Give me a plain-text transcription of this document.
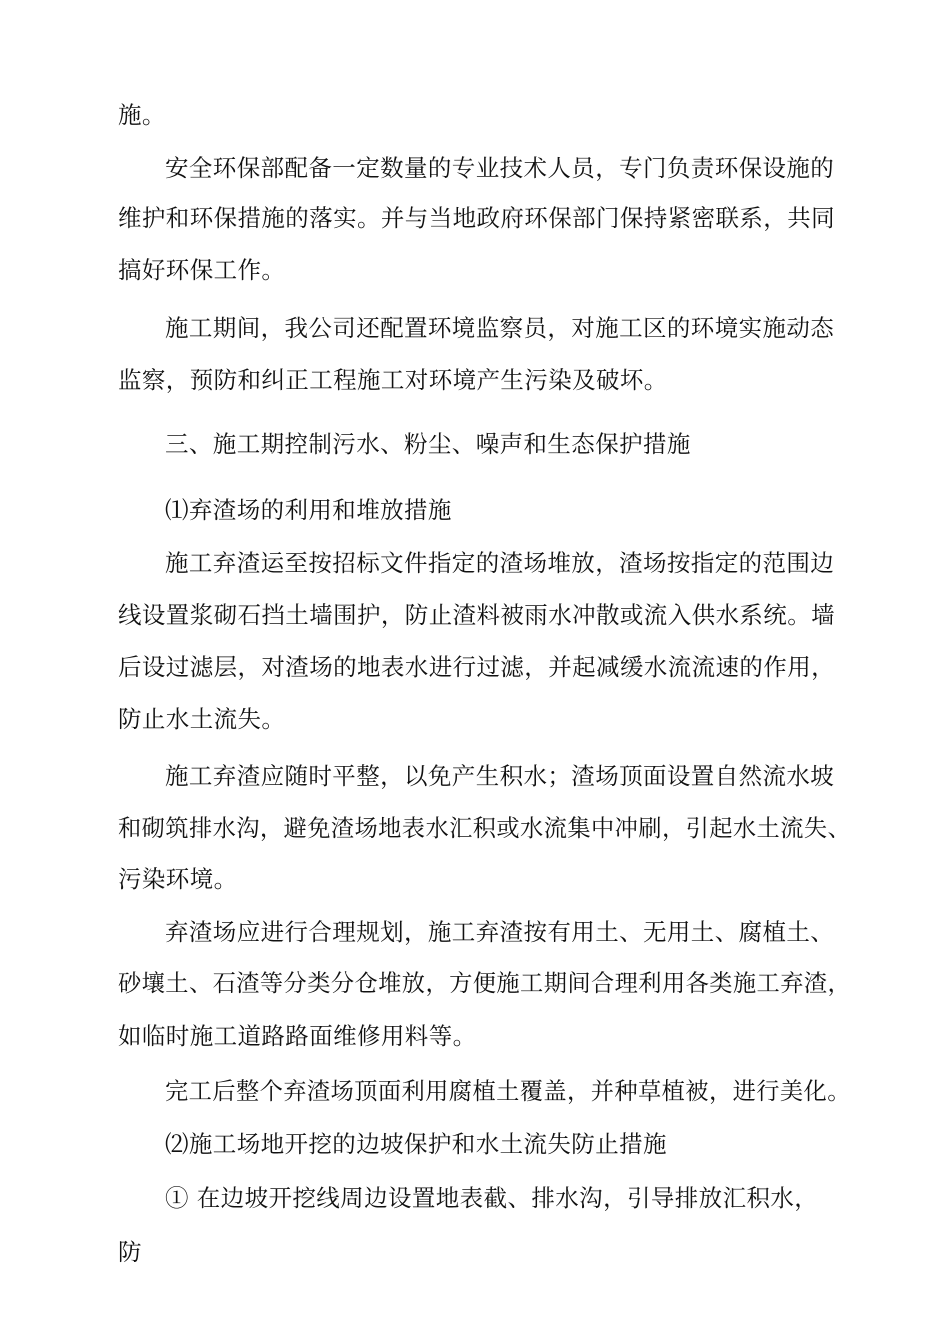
施。
安全环保部配备一定数量的专业技术人员，专门负责环保设施的
维护和环保措施的落实。并与当地政府环保部门保持紧密联系，共同
搞好环保工作。
施工期间，我公司还配置环境监察员，对施工区的环境实施动态
监察，预防和纠正工程施工对环境产生污染及破坏。
三、施工期控制污水、粉尘、噪声和生态保护措施
⑴弃渣场的利用和堆放措施
施工弃渣运至按招标文件指定的渣场堆放，渣场按指定的范围边
线设置浆砌石挡土墙围护，防止渣料被雨水冲散或流入供水系统。墙
后设过滤层，对渣场的地表水进行过滤，并起减缓水流流速的作用，
防止水土流失。
施工弃渣应随时平整，以免产生积水；渣场顶面设置自然流水坡
和砌筑排水沟，避免渣场地表水汇积或水流集中冲刷，引起水土流失、
污染环境。
弃渣场应进行合理规划，施工弃渣按有用土、无用土、腐植土、
砂壤土、石渣等分类分仓堆放，方便施工期间合理利用各类施工弃渣，
如临时施工道路路面维修用料等。
完工后整个弃渣场顶面利用腐植土覆盖，并种草植被，进行美化。
⑵施工场地开挖的边坡保护和水土流失防止措施
① 在边坡开挖线周边设置地表截、排水沟，引导排放汇积水，
防
